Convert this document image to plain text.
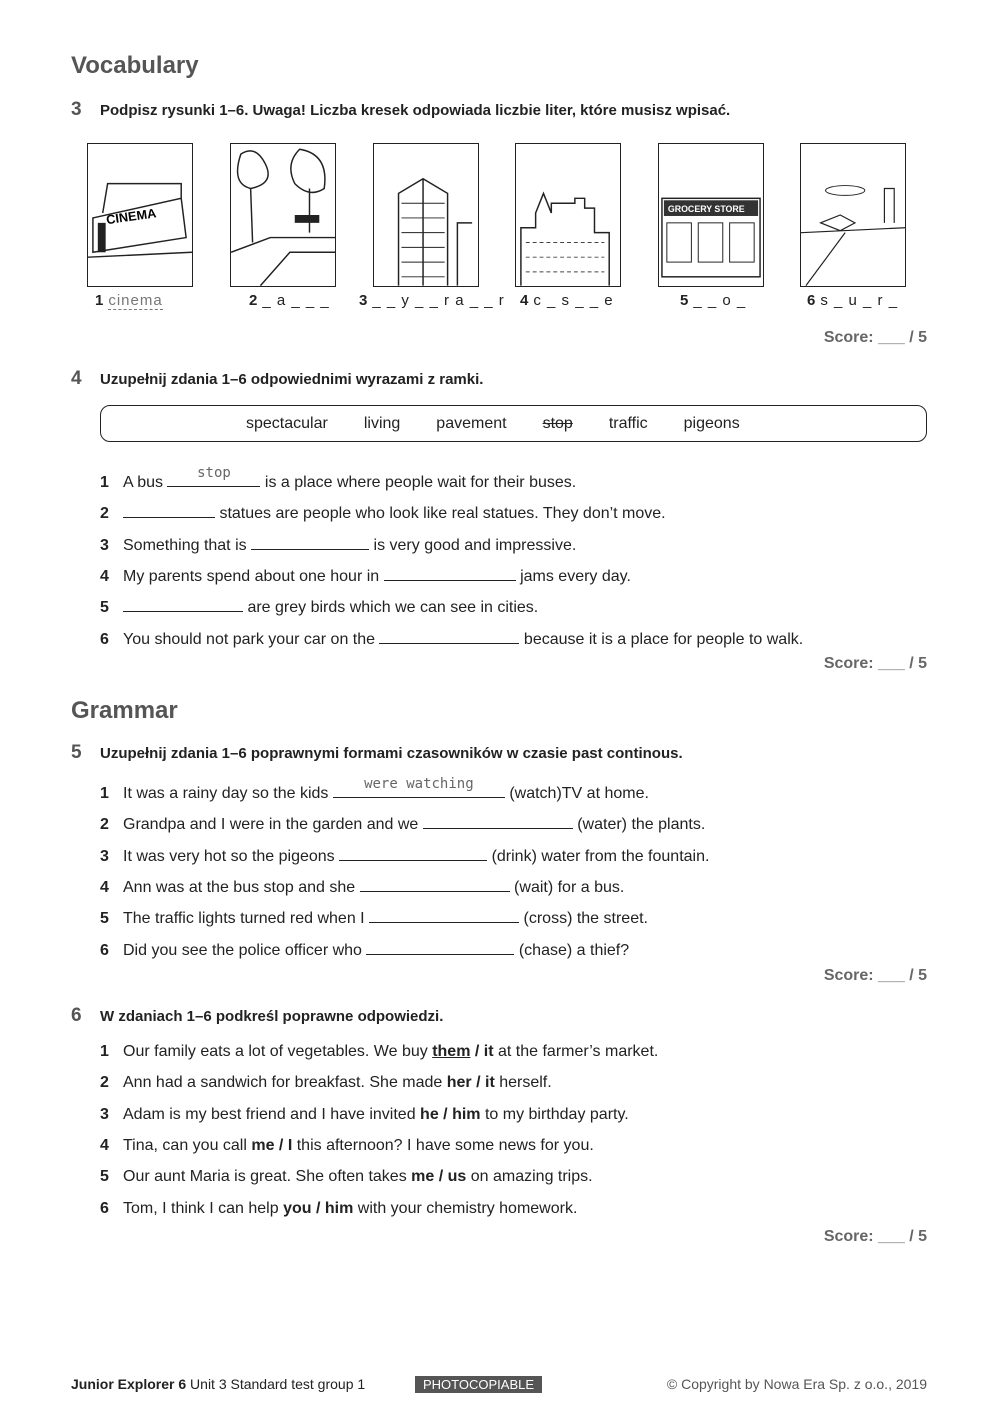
Vocabulary
3 Podpisz rysunki 1–6. Uwaga! Liczba kresek odpowiada liczbie liter, które musisz wpisać.
CINEMA	GROCERY STORE
1 cinema	2 _ a _ _ _ 3 _ _ y _ _ r a _ _ r 4 c _ s _ _ e	5 _ _ o _	6 s _ u _ r _
Score: ___ / 5
4 Uzupełnij zdania 1–6 odpowiednimi wyrazami z ramki.
spectacular living pavement stop traffic pigeons
1 A bus
stop
is a place where people wait for their buses.
2	statues are people who look like real statues. They don’t move.
3 Something that is	is very good and impressive.
4 My parents spend about one hour in	jams every day.
5	are grey birds which we can see in cities.
6 You should not park your car on the	because it is a place for people to walk.
Score: ___ / 5
Grammar
5 Uzupełnij zdania 1–6 poprawnymi formami czasowników w czasie past continous.
1 It was a rainy day so the kids
were watching
(watch)TV at home.
2 Grandpa and I were in the garden and we	(water) the plants.
3 It was very hot so the pigeons	(drink) water from the fountain.
4 Ann was at the bus stop and she	(wait) for a bus.
5 The traffic lights turned red when I	(cross) the street.
6 Did you see the police officer who	(chase) a thief?
Score: ___ / 5
6 W zdaniach 1–6 podkreśl poprawne odpowiedzi.
1 Our family eats a lot of vegetables. We buy them / it at the farmer’s market.
2 Ann had a sandwich for breakfast. She made her / it herself.
3 Adam is my best friend and I have invited he / him to my birthday party.
4 Tina, can you call me / I this afternoon? I have some news for you.
5 Our aunt Maria is great. She often takes me / us on amazing trips.
6 Tom, I think I can help you / him with your chemistry homework.
Score: ___ / 5
Junior Explorer 6 Unit 3 Standard test group 1	PHOTOCOPIABLE	© Copyright by Nowa Era Sp. z o.o., 2019
